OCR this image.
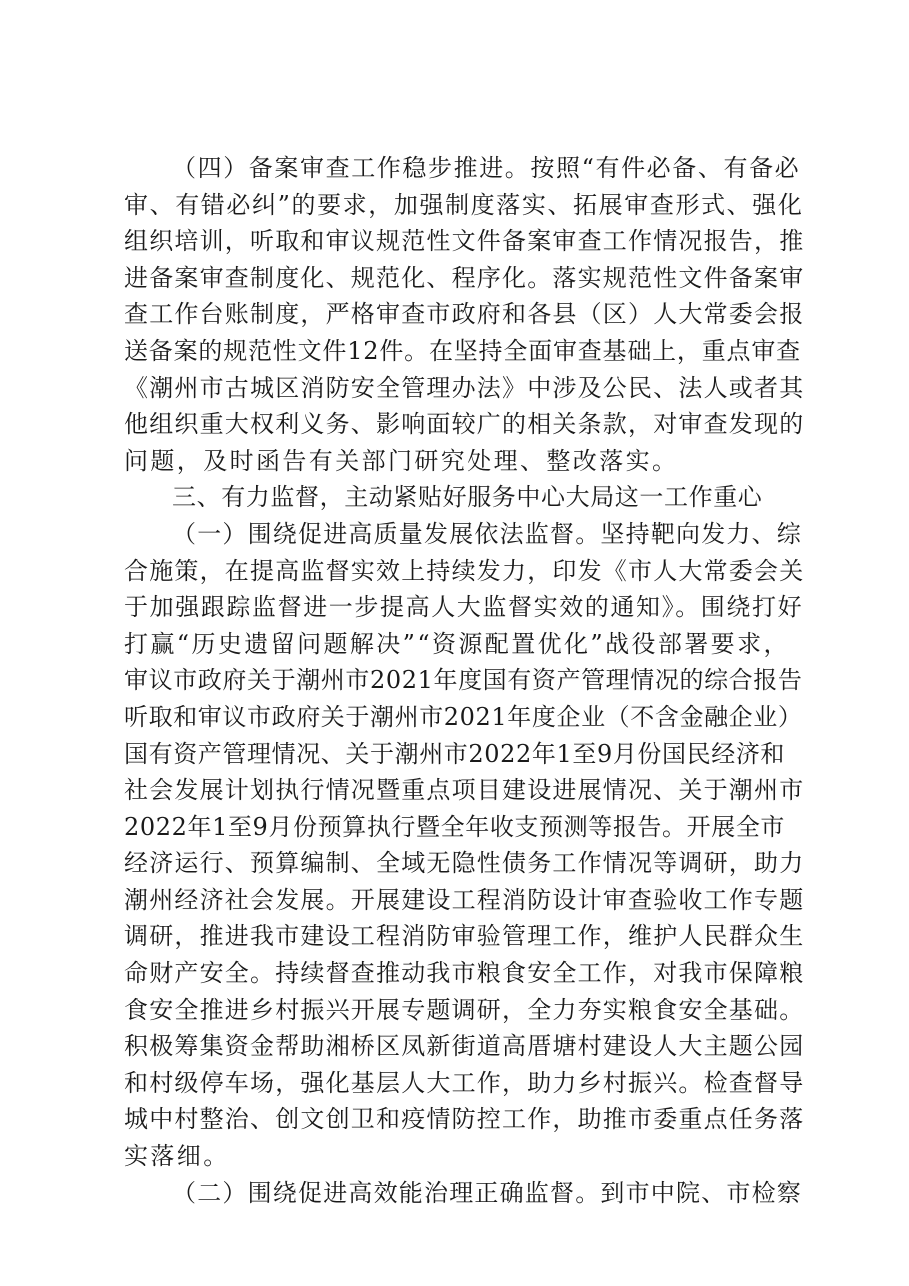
（四）备案审查工作稳步推进。按照“有件必备、有备必
审、有错必纠”的要求，加强制度落实、拓展审查形式、强化
组织培训，听取和审议规范性文件备案审查工作情况报告，推
进备案审查制度化、规范化、程序化。落实规范性文件备案审
查工作台账制度，严格审查市政府和各县（区）人大常委会报
送备案的规范性文件12件。在坚持全面审查基础上，重点审查
《潮州市古城区消防安全管理办法》中涉及公民、法人或者其
他组织重大权利义务、影响面较广的相关条款，对审查发现的
问题，及时函告有关部门研究处理、整改落实。
三、有力监督，主动紧贴好服务中心大局这一工作重心
（一）围绕促进高质量发展依法监督。坚持靶向发力、综
合施策，在提高监督实效上持续发力，印发《市人大常委会关
于加强跟踪监督进一步提高人大监督实效的通知》。围绕打好
打赢“历史遗留问题解决”“资源配置优化”战役部署要求，
审议市政府关于潮州市2021年度国有资产管理情况的综合报告
听取和审议市政府关于潮州市2021年度企业（不含金融企业）
国有资产管理情况、关于潮州市2022年1至9月份国民经济和
社会发展计划执行情况暨重点项目建设进展情况、关于潮州市
2022年1至9月份预算执行暨全年收支预测等报告。开展全市
经济运行、预算编制、全域无隐性债务工作情况等调研，助力
潮州经济社会发展。开展建设工程消防设计审查验收工作专题
调研，推进我市建设工程消防审验管理工作，维护人民群众生
命财产安全。持续督查推动我市粮食安全工作，对我市保障粮
食安全推进乡村振兴开展专题调研，全力夯实粮食安全基础。
积极筹集资金帮助湘桥区凤新街道高厝塘村建设人大主题公园
和村级停车场，强化基层人大工作，助力乡村振兴。检查督导
城中村整治、创文创卫和疫情防控工作，助推市委重点任务落
实落细。
（二）围绕促进高效能治理正确监督。到市中院、市检察
